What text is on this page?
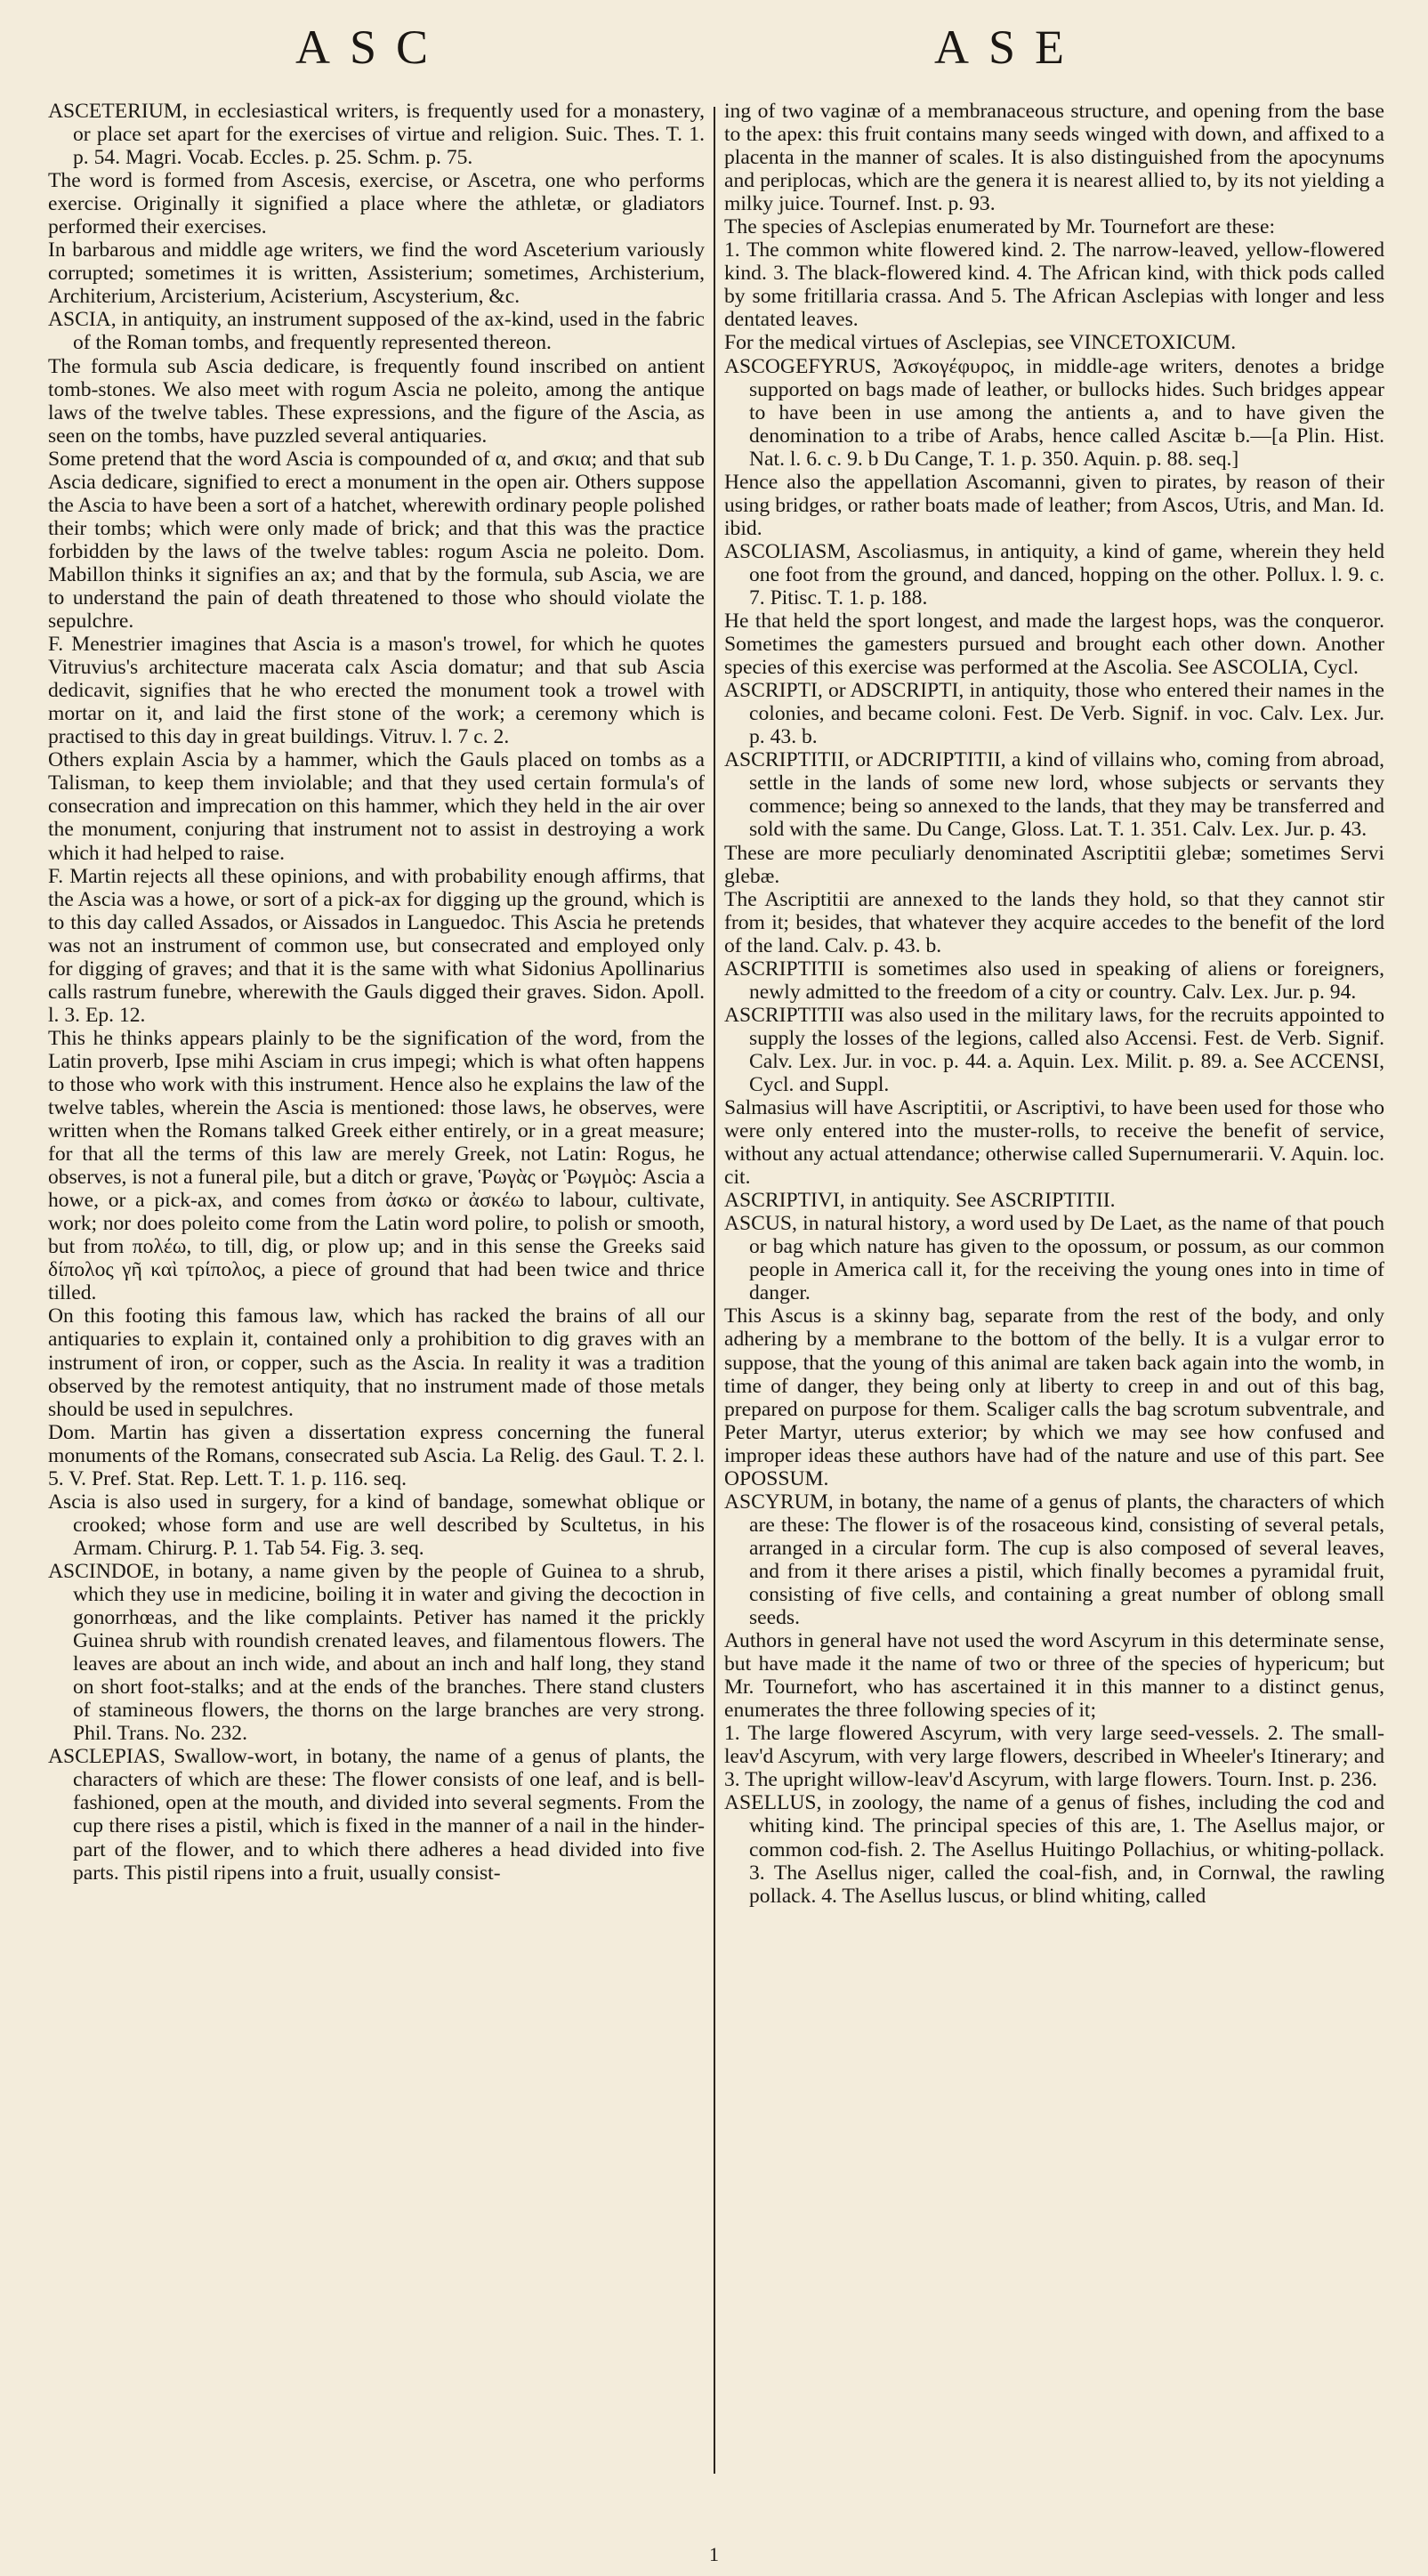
ASC	ASE

ASCETERIUM, in ecclesiastical writers, is frequently used for a monastery, or place set apart for the exercises of virtue and religion. Suic. Thes. T. 1. p. 54. Magri. Vocab. Eccles. p. 25. Schm. p. 75.

The word is formed from Ascesis, exercise, or Ascetra, one who performs exercise. Originally it signified a place where the athletæ, or gladiators performed their exercises.

In barbarous and middle age writers, we find the word Asceterium variously corrupted; sometimes it is written, Assisterium; sometimes, Archisterium, Architerium, Arcisterium, Acisterium, Ascysterium, &c.

ASCIA, in antiquity, an instrument supposed of the ax-kind, used in the fabric of the Roman tombs, and frequently represented thereon.

The formula sub Ascia dedicare, is frequently found inscribed on antient tomb-stones. We also meet with rogum Ascia ne poleito, among the antique laws of the twelve tables. These expressions, and the figure of the Ascia, as seen on the tombs, have puzzled several antiquaries.

Some pretend that the word Ascia is compounded of α, and σκια; and that sub Ascia dedicare, signified to erect a monument in the open air. Others suppose the Ascia to have been a sort of a hatchet, wherewith ordinary people polished their tombs; which were only made of brick; and that this was the practice forbidden by the laws of the twelve tables: rogum Ascia ne poleito. Dom. Mabillon thinks it signifies an ax; and that by the formula, sub Ascia, we are to understand the pain of death threatened to those who should violate the sepulchre.

F. Menestrier imagines that Ascia is a mason's trowel, for which he quotes Vitruvius's architecture macerata calx Ascia domatur; and that sub Ascia dedicavit, signifies that he who erected the monument took a trowel with mortar on it, and laid the first stone of the work; a ceremony which is practised to this day in great buildings. Vitruv. l. 7 c. 2.

Others explain Ascia by a hammer, which the Gauls placed on tombs as a Talisman, to keep them inviolable; and that they used certain formula's of consecration and imprecation on this hammer, which they held in the air over the monument, conjuring that instrument not to assist in destroying a work which it had helped to raise.

F. Martin rejects all these opinions, and with probability enough affirms, that the Ascia was a howe, or sort of a pick-ax for digging up the ground, which is to this day called Assados, or Aissados in Languedoc. This Ascia he pretends was not an instrument of common use, but consecrated and employed only for digging of graves; and that it is the same with what Sidonius Apollinarius calls rastrum funebre, wherewith the Gauls digged their graves. Sidon. Apoll. l. 3. Ep. 12.

This he thinks appears plainly to be the signification of the word, from the Latin proverb, Ipse mihi Asciam in crus impegi; which is what often happens to those who work with this instrument. Hence also he explains the law of the twelve tables, wherein the Ascia is mentioned: those laws, he observes, were written when the Romans talked Greek either entirely, or in a great measure; for that all the terms of this law are merely Greek, not Latin: Rogus, he observes, is not a funeral pile, but a ditch or grave, Ῥωγὰς or Ῥωγμὸς: Ascia a howe, or a pick-ax, and comes from ἀσκω or ἀσκέω to labour, cultivate, work; nor does poleito come from the Latin word polire, to polish or smooth, but from πολέω, to till, dig, or plow up; and in this sense the Greeks said δίπολος γῆ καὶ τρίπολος, a piece of ground that had been twice and thrice tilled.

On this footing this famous law, which has racked the brains of all our antiquaries to explain it, contained only a prohibition to dig graves with an instrument of iron, or copper, such as the Ascia. In reality it was a tradition observed by the remotest antiquity, that no instrument made of those metals should be used in sepulchres.

Dom. Martin has given a dissertation express concerning the funeral monuments of the Romans, consecrated sub Ascia. La Relig. des Gaul. T. 2. l. 5. V. Pref. Stat. Rep. Lett. T. 1. p. 116. seq.

Ascia is also used in surgery, for a kind of bandage, somewhat oblique or crooked; whose form and use are well described by Scultetus, in his Armam. Chirurg. P. 1. Tab 54. Fig. 3. seq.

ASCINDOE, in botany, a name given by the people of Guinea to a shrub, which they use in medicine, boiling it in water and giving the decoction in gonorrhœas, and the like complaints. Petiver has named it the prickly Guinea shrub with roundish crenated leaves, and filamentous flowers. The leaves are about an inch wide, and about an inch and half long, they stand on short foot-stalks; and at the ends of the branches. There stand clusters of stamineous flowers, the thorns on the large branches are very strong. Phil. Trans. No. 232.

ASCLEPIAS, Swallow-wort, in botany, the name of a genus of plants, the characters of which are these: The flower consists of one leaf, and is bell-fashioned, open at the mouth, and divided into several segments. From the cup there rises a pistil, which is fixed in the manner of a nail in the hinder-part of the flower, and to which there adheres a head divided into five parts. This pistil ripens into a fruit, usually consist-

ing of two vaginæ of a membranaceous structure, and opening from the base to the apex: this fruit contains many seeds winged with down, and affixed to a placenta in the manner of scales. It is also distinguished from the apocynums and periplocas, which are the genera it is nearest allied to, by its not yielding a milky juice. Tournef. Inst. p. 93.

The species of Asclepias enumerated by Mr. Tournefort are these:

1. The common white flowered kind. 2. The narrow-leaved, yellow-flowered kind. 3. The black-flowered kind. 4. The African kind, with thick pods called by some fritillaria crassa. And 5. The African Asclepias with longer and less dentated leaves.

For the medical virtues of Asclepias, see VINCETOXICUM.

ASCOGEFYRUS, Ἀσκογέφυρος, in middle-age writers, denotes a bridge supported on bags made of leather, or bullocks hides. Such bridges appear to have been in use among the antients a, and to have given the denomination to a tribe of Arabs, hence called Ascitæ b.—[a Plin. Hist. Nat. l. 6. c. 9. b Du Cange, T. 1. p. 350. Aquin. p. 88. seq.]

Hence also the appellation Ascomanni, given to pirates, by reason of their using bridges, or rather boats made of leather; from Ascos, Utris, and Man. Id. ibid.

ASCOLIASM, Ascoliasmus, in antiquity, a kind of game, wherein they held one foot from the ground, and danced, hopping on the other. Pollux. l. 9. c. 7. Pitisc. T. 1. p. 188.

He that held the sport longest, and made the largest hops, was the conqueror. Sometimes the gamesters pursued and brought each other down. Another species of this exercise was performed at the Ascolia. See ASCOLIA, Cycl.

ASCRIPTI, or ADSCRIPTI, in antiquity, those who entered their names in the colonies, and became coloni. Fest. De Verb. Signif. in voc. Calv. Lex. Jur. p. 43. b.

ASCRIPTITII, or ADCRIPTITII, a kind of villains who, coming from abroad, settle in the lands of some new lord, whose subjects or servants they commence; being so annexed to the lands, that they may be transferred and sold with the same. Du Cange, Gloss. Lat. T. 1. 351. Calv. Lex. Jur. p. 43.

These are more peculiarly denominated Ascriptitii glebæ; sometimes Servi glebæ.

The Ascriptitii are annexed to the lands they hold, so that they cannot stir from it; besides, that whatever they acquire accedes to the benefit of the lord of the land. Calv. p. 43. b.

ASCRIPTITII is sometimes also used in speaking of aliens or foreigners, newly admitted to the freedom of a city or country. Calv. Lex. Jur. p. 94.

ASCRIPTITII was also used in the military laws, for the recruits appointed to supply the losses of the legions, called also Accensi. Fest. de Verb. Signif. Calv. Lex. Jur. in voc. p. 44. a. Aquin. Lex. Milit. p. 89. a. See ACCENSI, Cycl. and Suppl.

Salmasius will have Ascriptitii, or Ascriptivi, to have been used for those who were only entered into the muster-rolls, to receive the benefit of service, without any actual attendance; otherwise called Supernumerarii. V. Aquin. loc. cit.

ASCRIPTIVI, in antiquity. See ASCRIPTITII.

ASCUS, in natural history, a word used by De Laet, as the name of that pouch or bag which nature has given to the opossum, or possum, as our common people in America call it, for the receiving the young ones into in time of danger.

This Ascus is a skinny bag, separate from the rest of the body, and only adhering by a membrane to the bottom of the belly. It is a vulgar error to suppose, that the young of this animal are taken back again into the womb, in time of danger, they being only at liberty to creep in and out of this bag, prepared on purpose for them. Scaliger calls the bag scrotum subventrale, and Peter Martyr, uterus exterior; by which we may see how confused and improper ideas these authors have had of the nature and use of this part. See OPOSSUM.

ASCYRUM, in botany, the name of a genus of plants, the characters of which are these: The flower is of the rosaceous kind, consisting of several petals, arranged in a circular form. The cup is also composed of several leaves, and from it there arises a pistil, which finally becomes a pyramidal fruit, consisting of five cells, and containing a great number of oblong small seeds.

Authors in general have not used the word Ascyrum in this determinate sense, but have made it the name of two or three of the species of hypericum; but Mr. Tournefort, who has ascertained it in this manner to a distinct genus, enumerates the three following species of it;

1. The large flowered Ascyrum, with very large seed-vessels. 2. The small-leav'd Ascyrum, with very large flowers, described in Wheeler's Itinerary; and 3. The upright willow-leav'd Ascyrum, with large flowers. Tourn. Inst. p. 236.

ASELLUS, in zoology, the name of a genus of fishes, including the cod and whiting kind. The principal species of this are, 1. The Asellus major, or common cod-fish. 2. The Asellus Huitingo Pollachius, or whiting-pollack. 3. The Asellus niger, called the coal-fish, and, in Cornwal, the rawling pollack. 4. The Asellus luscus, or blind whiting, called

1
